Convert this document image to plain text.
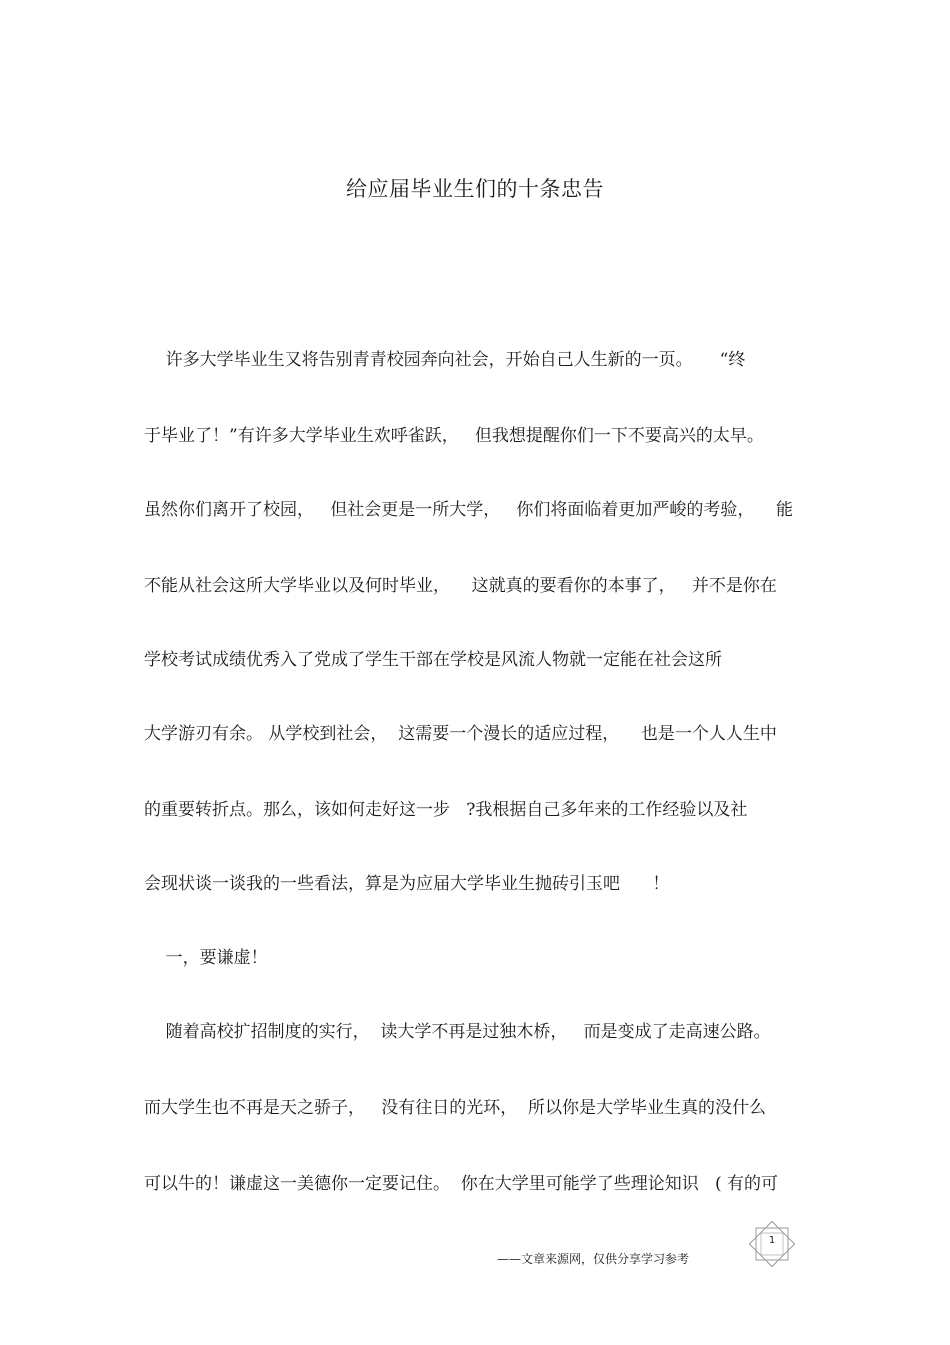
给应届毕业生们的十条忠告
许多大学毕业生又将告别青青校园奔向社会，开始自己人生新的一页。     “终
于毕业了！”有许多大学毕业生欢呼雀跃，   但我想提醒你们一下不要高兴的太早。
虽然你们离开了校园，   但社会更是一所大学，   你们将面临着更加严峻的考验，    能
不能从社会这所大学毕业以及何时毕业，    这就真的要看你的本事了，   并不是你在
学校考试成绩优秀入了党成了学生干部在学校是风流人物就一定能在社会这所
大学游刃有余。 从学校到社会，  这需要一个漫长的适应过程，    也是一个人人生中
的重要转折点。那么，该如何走好这一步   ?我根据自己多年来的工作经验以及社
会现状谈一谈我的一些看法，算是为应届大学毕业生抛砖引玉吧      ！
一，要谦虚！
随着高校扩招制度的实行，  读大学不再是过独木桥，   而是变成了走高速公路。
而大学生也不再是天之骄子，   没有往日的光环，  所以你是大学毕业生真的没什么
可以牛的！谦虚这一美德你一定要记住。  你在大学里可能学了些理论知识   ( 有的可
——文章来源网，仅供分享学习参考
1
